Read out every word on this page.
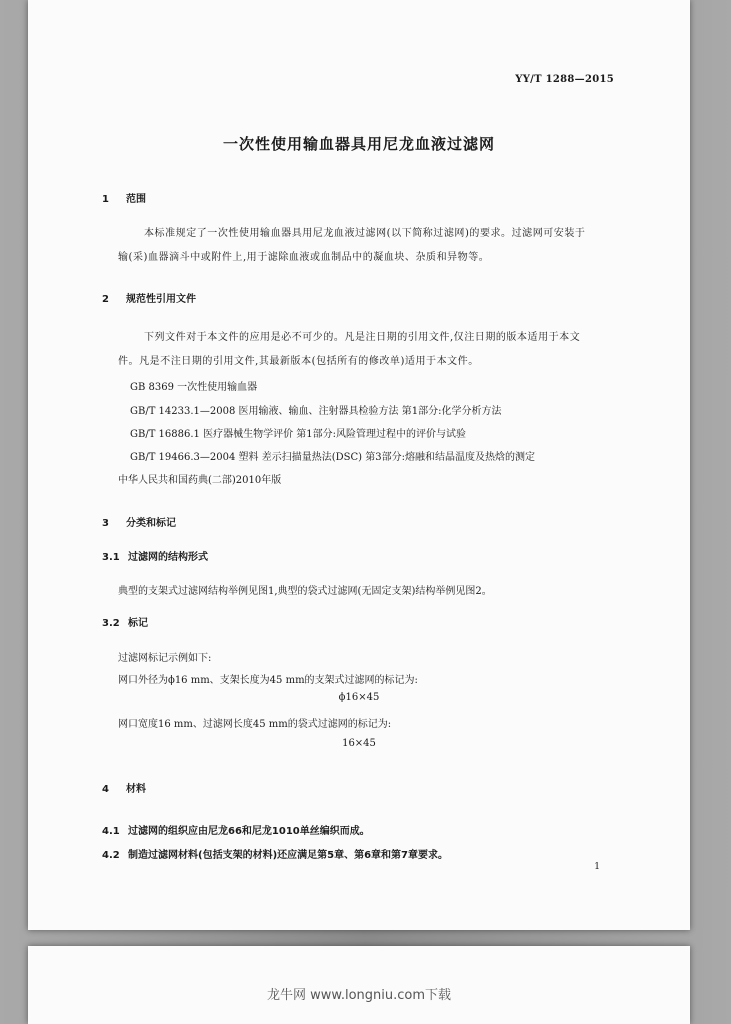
YY/T 1288—2015
一次性使用输血器具用尼龙血液过滤网
1 范围
本标准规定了一次性使用输血器具用尼龙血液过滤网(以下简称过滤网)的要求。过滤网可安装于
输(采)血器滴斗中或附件上,用于滤除血液或血制品中的凝血块、杂质和异物等。
2 规范性引用文件
下列文件对于本文件的应用是必不可少的。凡是注日期的引用文件,仅注日期的版本适用于本文
件。凡是不注日期的引用文件,其最新版本(包括所有的修改单)适用于本文件。
GB 8369 一次性使用输血器
GB/T 14233.1—2008 医用输液、输血、注射器具检验方法 第1部分:化学分析方法
GB/T 16886.1 医疗器械生物学评价 第1部分:风险管理过程中的评价与试验
GB/T 19466.3—2004 塑料 差示扫描量热法(DSC) 第3部分:熔融和结晶温度及热焓的测定
中华人民共和国药典(二部)2010年版
3 分类和标记
3.1 过滤网的结构形式
典型的支架式过滤网结构举例见图1,典型的袋式过滤网(无固定支架)结构举例见图2。
3.2 标记
过滤网标记示例如下:
网口外径为ϕ16 mm、支架长度为45 mm的支架式过滤网的标记为:
ϕ16×45
网口宽度16 mm、过滤网长度45 mm的袋式过滤网的标记为:
16×45
4 材料
4.1 过滤网的组织应由尼龙66和尼龙1010单丝编织而成。
4.2 制造过滤网材料(包括支架的材料)还应满足第5章、第6章和第7章要求。
1
龙牛网 www.longniu.com下载
